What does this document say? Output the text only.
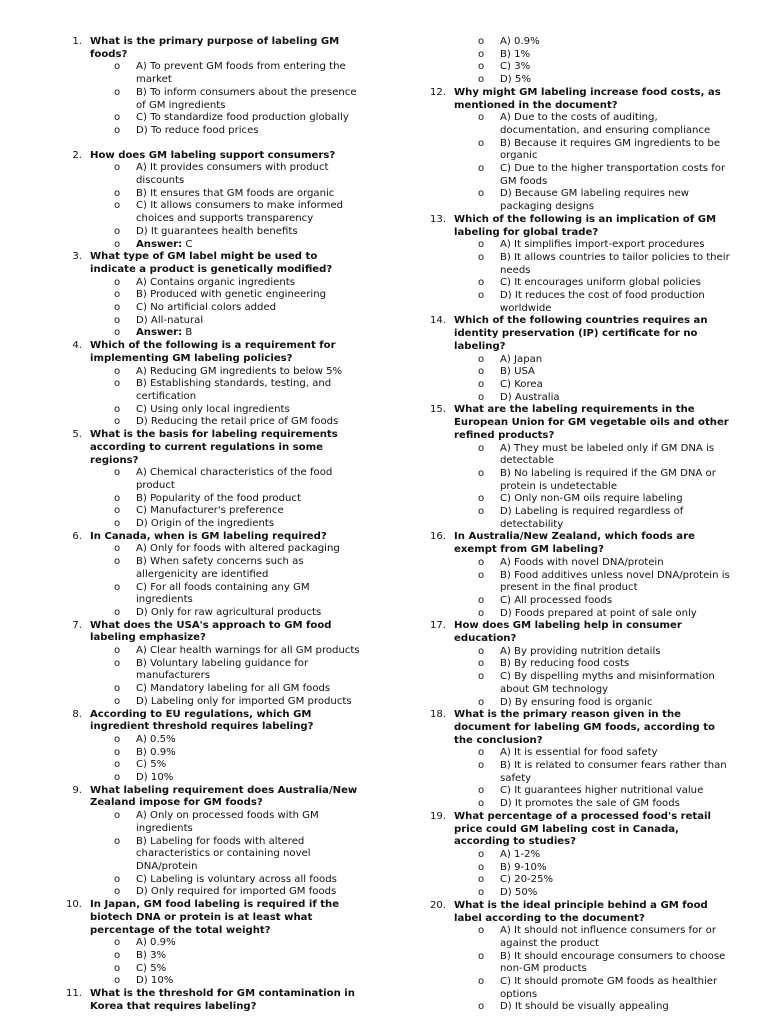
1. What is the primary purpose of labeling GM foods?
o A) To prevent GM foods from entering the market
o B) To inform consumers about the presence of GM ingredients
o C) To standardize food production globally
o D) To reduce food prices
2. How does GM labeling support consumers?
o A) It provides consumers with product discounts
o B) It ensures that GM foods are organic
o C) It allows consumers to make informed choices and supports transparency
o D) It guarantees health benefits
o Answer: C
3. What type of GM label might be used to indicate a product is genetically modified?
o A) Contains organic ingredients
o B) Produced with genetic engineering
o C) No artificial colors added
o D) All-natural
o Answer: B
4. Which of the following is a requirement for implementing GM labeling policies?
o A) Reducing GM ingredients to below 5%
o B) Establishing standards, testing, and certification
o C) Using only local ingredients
o D) Reducing the retail price of GM foods
5. What is the basis for labeling requirements according to current regulations in some regions?
o A) Chemical characteristics of the food product
o B) Popularity of the food product
o C) Manufacturer's preference
o D) Origin of the ingredients
6. In Canada, when is GM labeling required?
o A) Only for foods with altered packaging
o B) When safety concerns such as allergenicity are identified
o C) For all foods containing any GM ingredients
o D) Only for raw agricultural products
7. What does the USA's approach to GM food labeling emphasize?
o A) Clear health warnings for all GM products
o B) Voluntary labeling guidance for manufacturers
o C) Mandatory labeling for all GM foods
o D) Labeling only for imported GM products
8. According to EU regulations, which GM ingredient threshold requires labeling?
o A) 0.5%
o B) 0.9%
o C) 5%
o D) 10%
9. What labeling requirement does Australia/New Zealand impose for GM foods?
o A) Only on processed foods with GM ingredients
o B) Labeling for foods with altered characteristics or containing novel DNA/protein
o C) Labeling is voluntary across all foods
o D) Only required for imported GM foods
10. In Japan, GM food labeling is required if the biotech DNA or protein is at least what percentage of the total weight?
o A) 0.9%
o B) 3%
o C) 5%
o D) 10%
11. What is the threshold for GM contamination in Korea that requires labeling?
o A) 0.9%
o B) 1%
o C) 3%
o D) 5%
12. Why might GM labeling increase food costs, as mentioned in the document?
o A) Due to the costs of auditing, documentation, and ensuring compliance
o B) Because it requires GM ingredients to be organic
o C) Due to the higher transportation costs for GM foods
o D) Because GM labeling requires new packaging designs
13. Which of the following is an implication of GM labeling for global trade?
o A) It simplifies import-export procedures
o B) It allows countries to tailor policies to their needs
o C) It encourages uniform global policies
o D) It reduces the cost of food production worldwide
14. Which of the following countries requires an identity preservation (IP) certificate for no labeling?
o A) Japan
o B) USA
o C) Korea
o D) Australia
15. What are the labeling requirements in the European Union for GM vegetable oils and other refined products?
o A) They must be labeled only if GM DNA is detectable
o B) No labeling is required if the GM DNA or protein is undetectable
o C) Only non-GM oils require labeling
o D) Labeling is required regardless of detectability
16. In Australia/New Zealand, which foods are exempt from GM labeling?
o A) Foods with novel DNA/protein
o B) Food additives unless novel DNA/protein is present in the final product
o C) All processed foods
o D) Foods prepared at point of sale only
17. How does GM labeling help in consumer education?
o A) By providing nutrition details
o B) By reducing food costs
o C) By dispelling myths and misinformation about GM technology
o D) By ensuring food is organic
18. What is the primary reason given in the document for labeling GM foods, according to the conclusion?
o A) It is essential for food safety
o B) It is related to consumer fears rather than safety
o C) It guarantees higher nutritional value
o D) It promotes the sale of GM foods
19. What percentage of a processed food's retail price could GM labeling cost in Canada, according to studies?
o A) 1-2%
o B) 9-10%
o C) 20-25%
o D) 50%
20. What is the ideal principle behind a GM food label according to the document?
o A) It should not influence consumers for or against the product
o B) It should encourage consumers to choose non-GM products
o C) It should promote GM foods as healthier options
o D) It should be visually appealing
